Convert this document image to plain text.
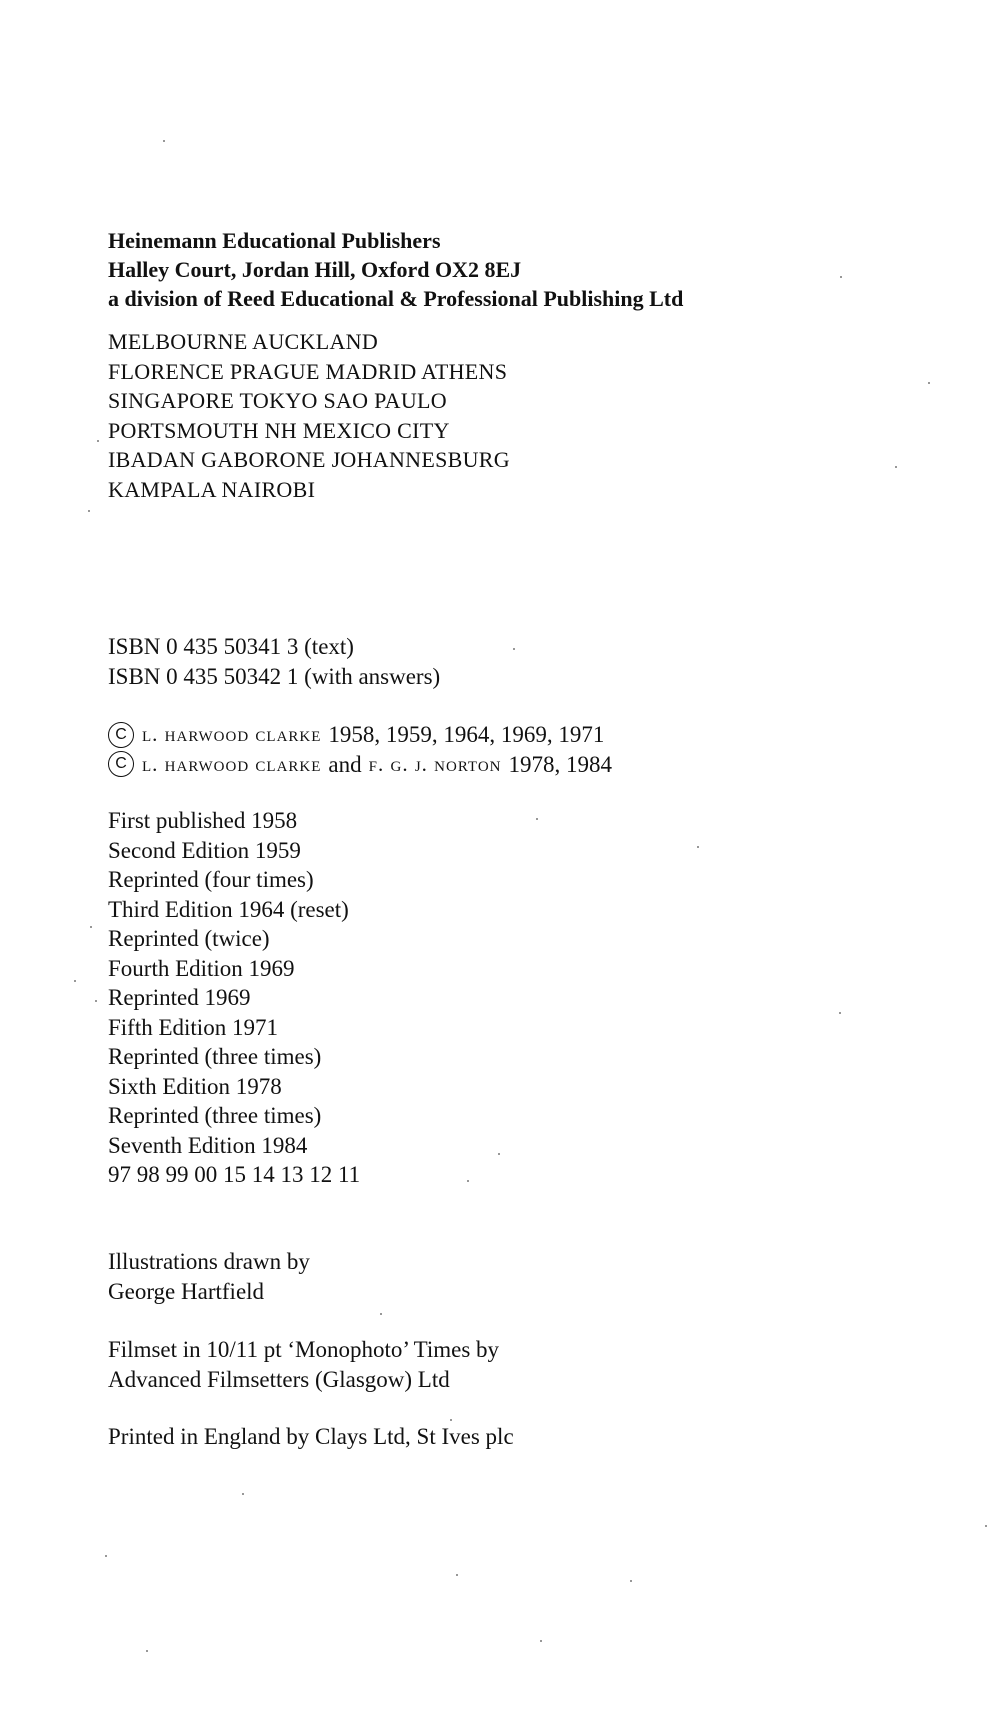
Heinemann Educational Publishers
Halley Court, Jordan Hill, Oxford OX2 8EJ
a division of Reed Educational & Professional Publishing Ltd
MELBOURNE AUCKLAND
FLORENCE PRAGUE MADRID ATHENS
SINGAPORE TOKYO SAO PAULO
PORTSMOUTH NH MEXICO CITY
IBADAN GABORONE JOHANNESBURG
KAMPALA NAIROBI
ISBN 0 435 50341 3 (text)
ISBN 0 435 50342 1 (with answers)
C l. harwood clarke 1958, 1959, 1964, 1969, 1971
C l. harwood clarke and f. g. j. norton 1978, 1984
First published 1958
Second Edition 1959
Reprinted (four times)
Third Edition 1964 (reset)
Reprinted (twice)
Fourth Edition 1969
Reprinted 1969
Fifth Edition 1971
Reprinted (three times)
Sixth Edition 1978
Reprinted (three times)
Seventh Edition 1984
97 98 99 00 15 14 13 12 11
Illustrations drawn by
George Hartfield
Filmset in 10/11 pt ‘Monophoto’ Times by
Advanced Filmsetters (Glasgow) Ltd
Printed in England by Clays Ltd, St Ives plc
